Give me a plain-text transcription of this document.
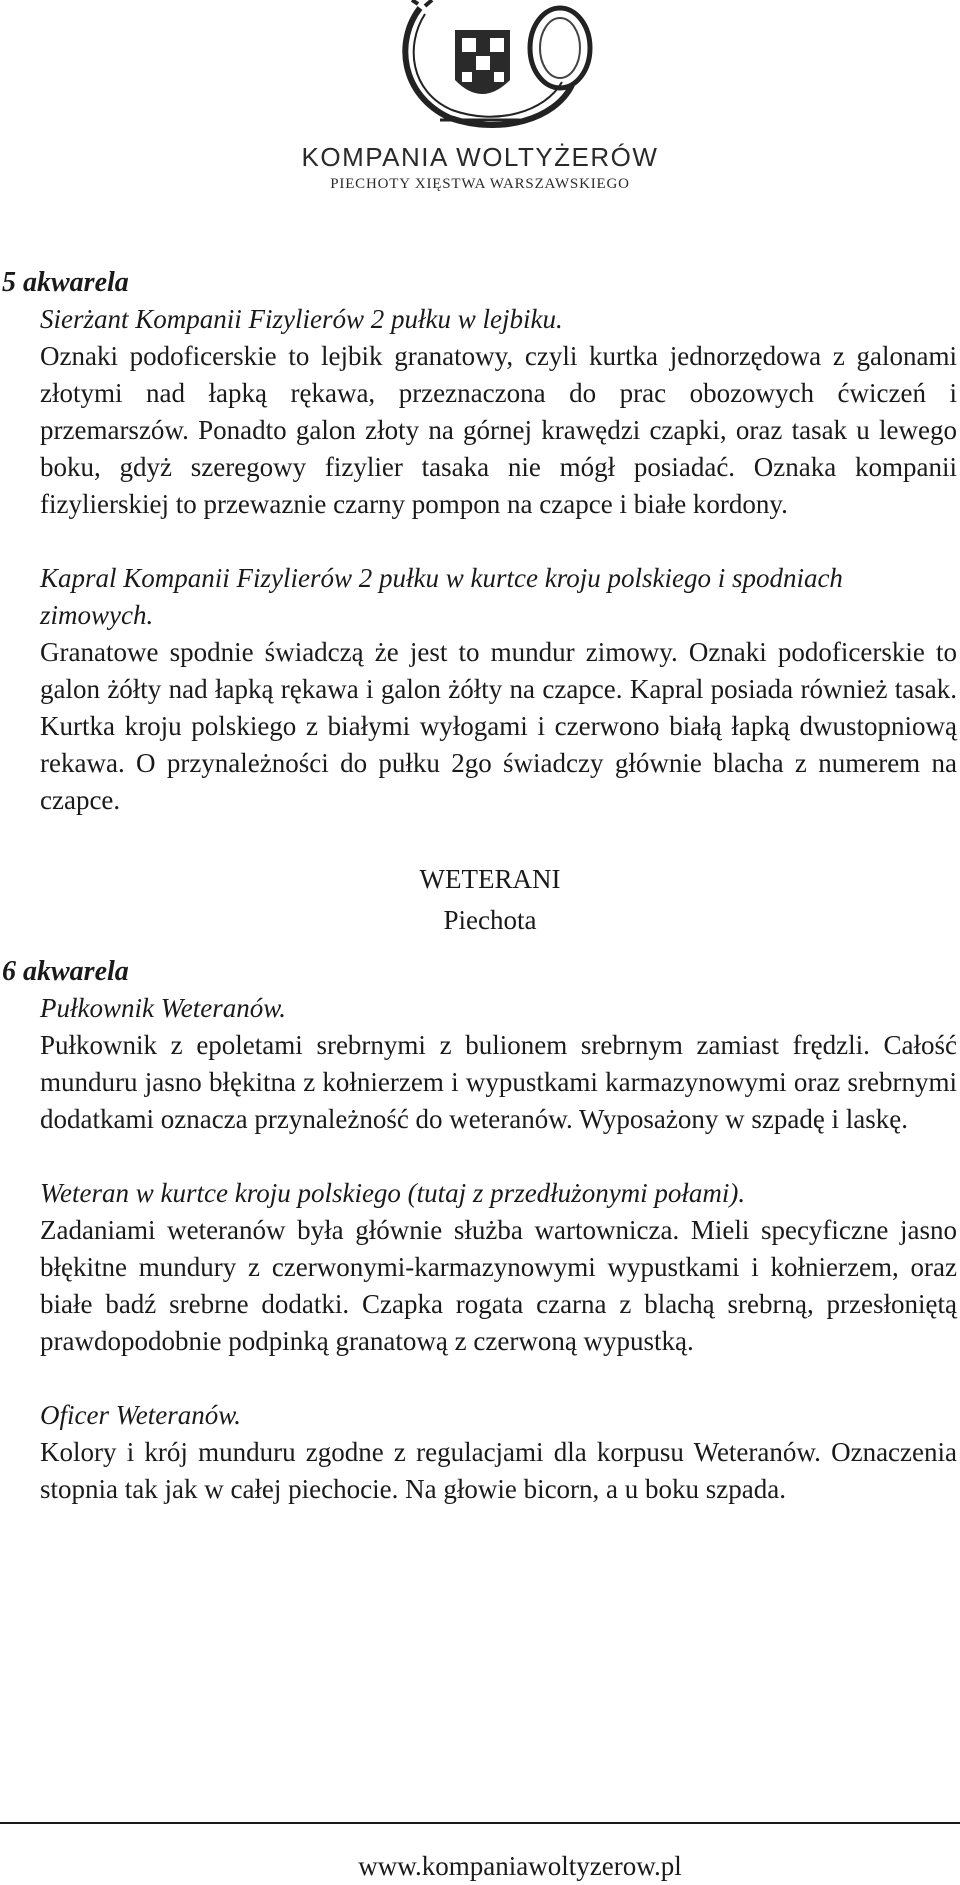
KOMPANIA WOLTYŻERÓW
PIECHOTY XIĘSTWA WARSZAWSKIEGO

5 akwarela

Sierżant Kompanii Fizylierów 2 pułku w lejbiku.

Oznaki podoficerskie to lejbik granatowy, czyli kurtka jednorzędowa z galonami złotymi nad łapką rękawa, przeznaczona do prac obozowych ćwiczeń i przemarszów. Ponadto galon złoty na górnej krawędzi czapki, oraz tasak u lewego boku, gdyż szeregowy fizylier tasaka nie mógł posiadać. Oznaka kompanii fizylierskiej to przewaznie czarny pompon na czapce i białe kordony.

Kapral Kompanii Fizylierów 2 pułku w kurtce kroju polskiego i spodniach zimowych.

Granatowe spodnie świadczą że jest to mundur zimowy. Oznaki podoficerskie to galon żółty nad łapką rękawa i galon żółty na czapce. Kapral posiada również tasak. Kurtka kroju polskiego z białymi wyłogami i czerwono białą łapką dwustopniową rekawa. O przynależności do pułku 2go świadczy głównie blacha z numerem na czapce.

WETERANI
Piechota

6 akwarela

Pułkownik Weteranów.

Pułkownik z epoletami srebrnymi z bulionem srebrnym zamiast frędzli. Całość munduru jasno błękitna z kołnierzem i wypustkami karmazynowymi oraz srebrnymi dodatkami oznacza przynależność do weteranów. Wyposażony w szpadę i laskę.

Weteran w kurtce kroju polskiego (tutaj z przedłużonymi połami).

Zadaniami weteranów była głównie służba wartownicza. Mieli specyficzne jasno błękitne mundury z czerwonymi-karmazynowymi wypustkami i kołnierzem, oraz białe badź srebrne dodatki. Czapka rogata czarna z blachą srebrną, przesłoniętą prawdopodobnie podpinką granatową z czerwoną wypustką.

Oficer Weteranów.

Kolory i krój munduru zgodne z regulacjami dla korpusu Weteranów. Oznaczenia stopnia tak jak w całej piechocie. Na głowie bicorn, a u boku szpada.

www.kompaniawoltyzerow.pl
